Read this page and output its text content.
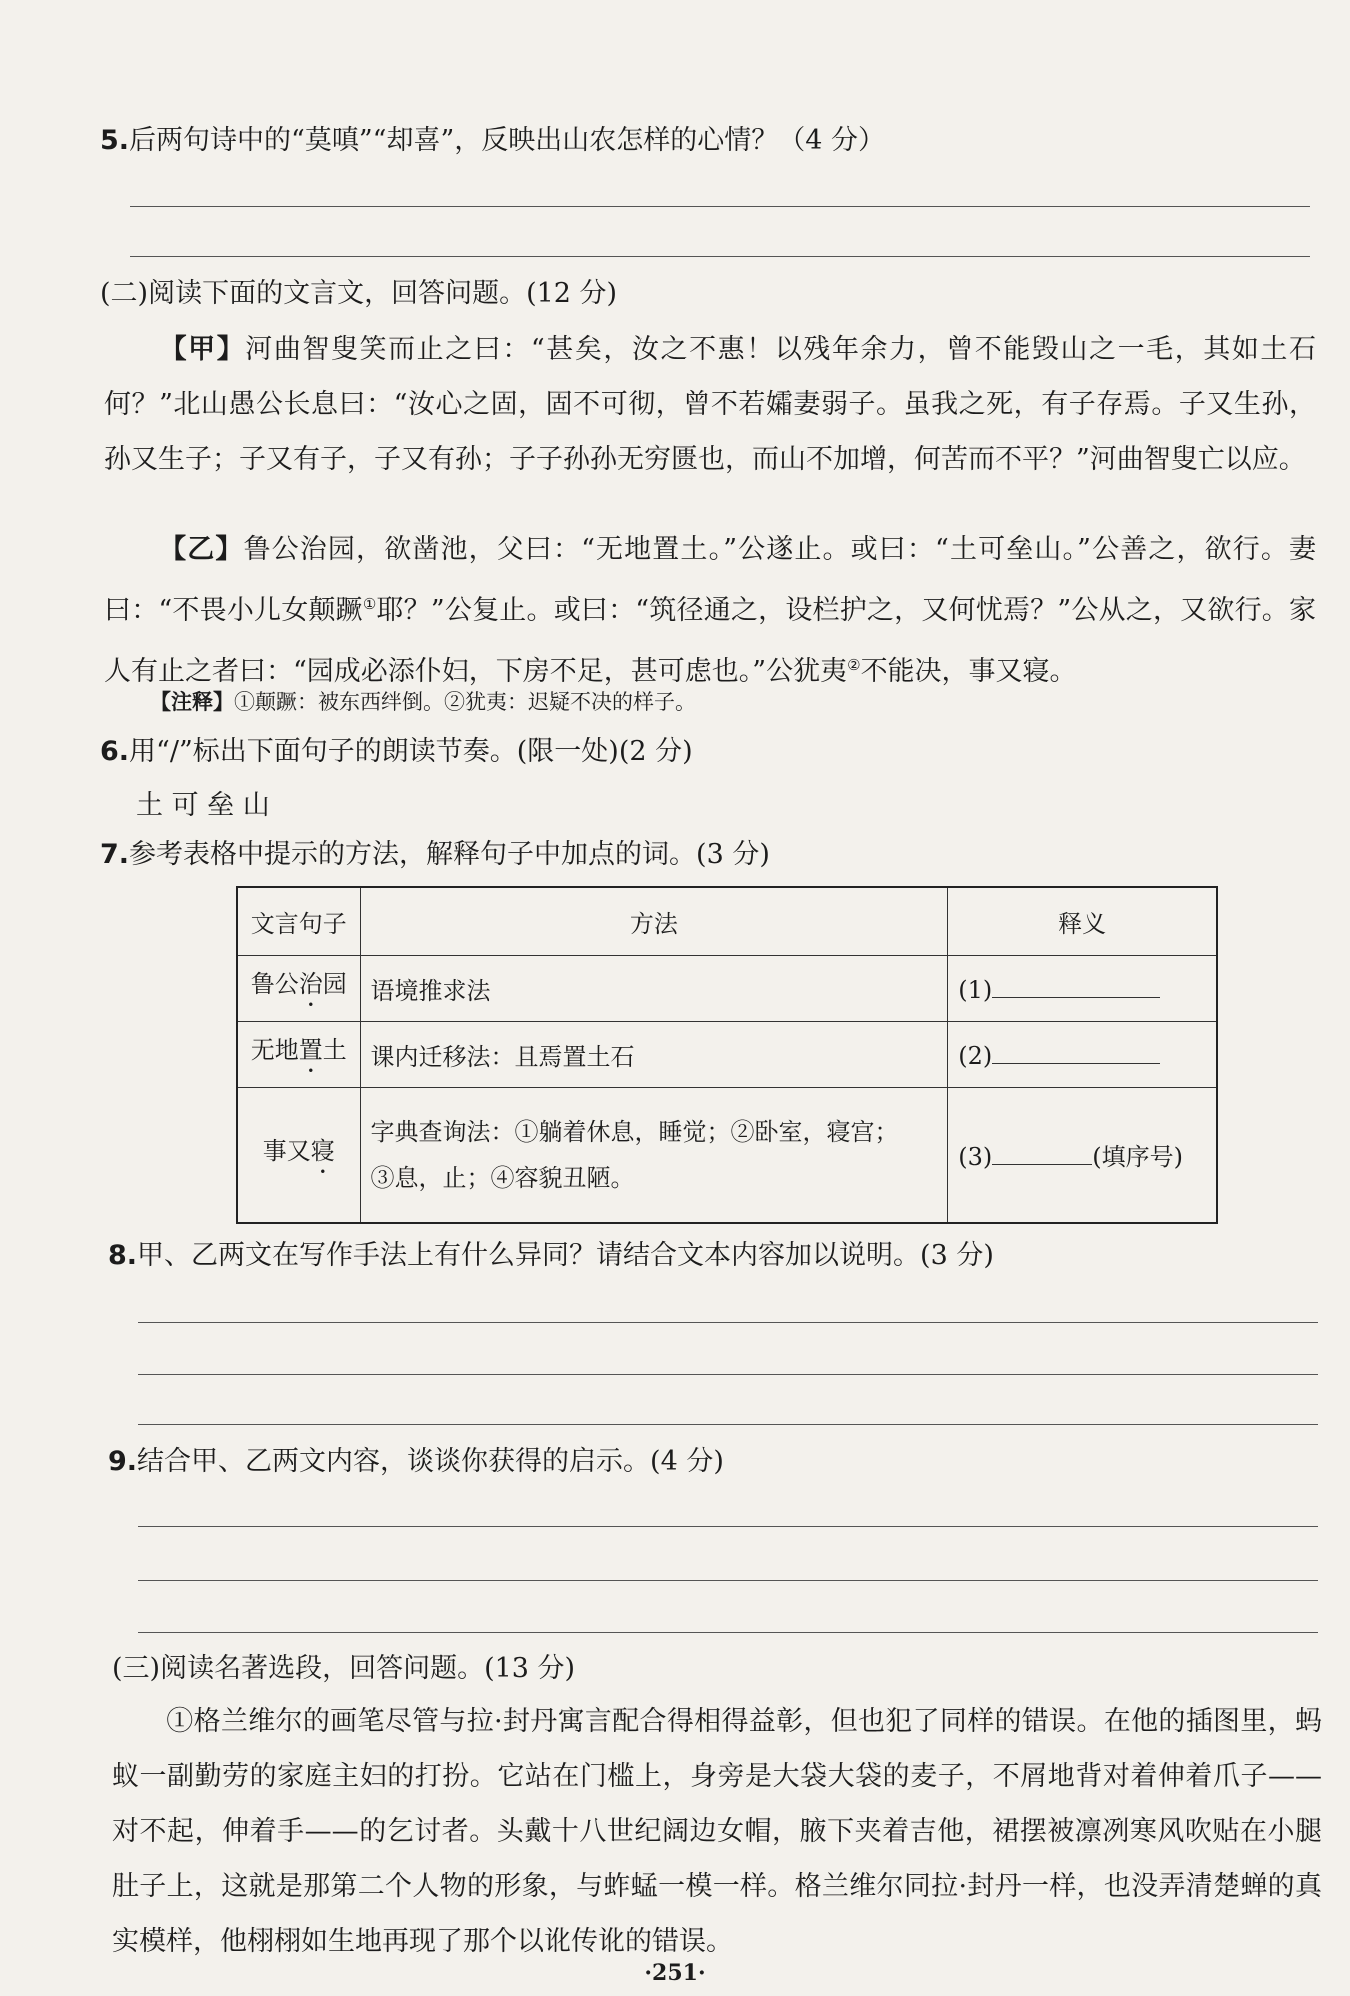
5.后两句诗中的“莫嗔”“却喜”，反映出山农怎样的心情？（4 分）
(二)阅读下面的文言文，回答问题。(12 分)
【甲】河曲智叟笑而止之曰：“甚矣，汝之不惠！以残年余力，曾不能毁山之一毛，其如土石何？”北山愚公长息曰：“汝心之固，固不可彻，曾不若孀妻弱子。虽我之死，有子存焉。子又生孙，孙又生子；子又有子，子又有孙；子子孙孙无穷匮也，而山不加增，何苦而不平？”河曲智叟亡以应。
【乙】鲁公治园，欲凿池，父曰：“无地置土。”公遂止。或曰：“土可垒山。”公善之，欲行。妻曰：“不畏小儿女颠蹶①耶？”公复止。或曰：“筑径通之，设栏护之，又何忧焉？”公从之，又欲行。家人有止之者曰：“园成必添仆妇，下房不足，甚可虑也。”公犹夷②不能决，事又寝。
【注释】①颠蹶：被东西绊倒。②犹夷：迟疑不决的样子。
6.用“/”标出下面句子的朗读节奏。(限一处)(2 分)
土 可 垒 山
7.参考表格中提示的方法，解释句子中加点的词。(3 分)
文言句子	方法	释义
鲁公治园	语境推求法	(1)
无地置土	课内迁移法：且焉置土石	(2)
事又寝	字典查询法：①躺着休息，睡觉；②卧室，寝宫；
③息，止；④容貌丑陋。	(3) (填序号)
8.甲、乙两文在写作手法上有什么异同？请结合文本内容加以说明。(3 分)
9.结合甲、乙两文内容，谈谈你获得的启示。(4 分)
(三)阅读名著选段，回答问题。(13 分)
①格兰维尔的画笔尽管与拉·封丹寓言配合得相得益彰，但也犯了同样的错误。在他的插图里，蚂蚁一副勤劳的家庭主妇的打扮。它站在门槛上，身旁是大袋大袋的麦子，不屑地背对着伸着爪子——对不起，伸着手——的乞讨者。头戴十八世纪阔边女帽，腋下夹着吉他，裙摆被凛冽寒风吹贴在小腿肚子上，这就是那第二个人物的形象，与蚱蜢一模一样。格兰维尔同拉·封丹一样，也没弄清楚蝉的真实模样，他栩栩如生地再现了那个以讹传讹的错误。
·251·
